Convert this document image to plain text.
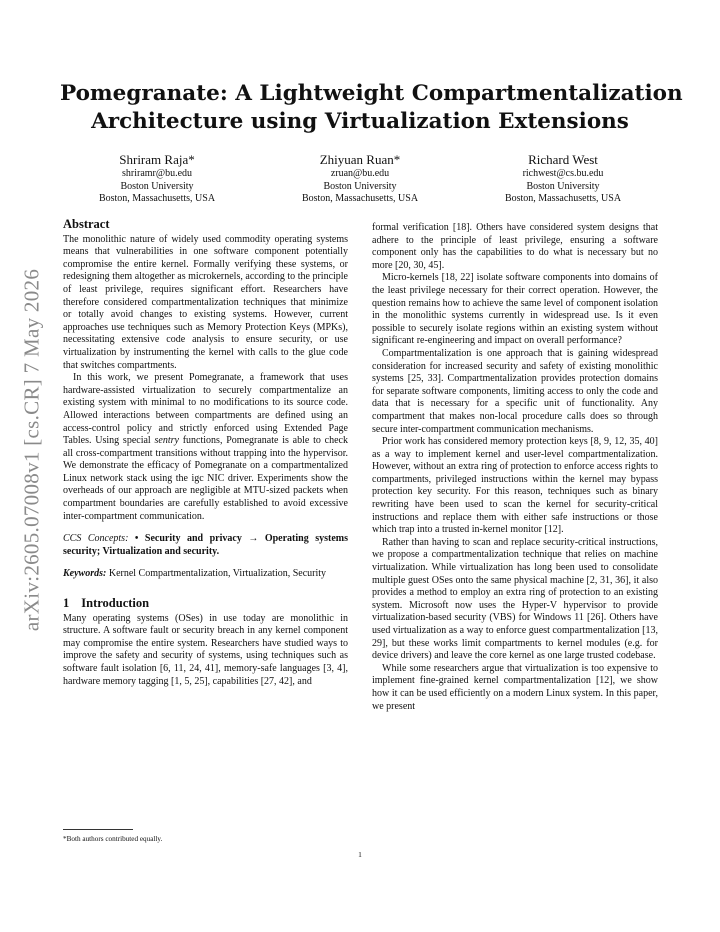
arXiv:2605.07008v1 [cs.CR] 7 May 2026
Pomegranate: A Lightweight Compartmentalization
Architecture using Virtualization Extensions
Shriram Raja*
shriramr@bu.edu
Boston University
Boston, Massachusetts, USA
Zhiyuan Ruan*
zruan@bu.edu
Boston University
Boston, Massachusetts, USA
Richard West
richwest@cs.bu.edu
Boston University
Boston, Massachusetts, USA
Abstract

The monolithic nature of widely used commodity operating systems means that vulnerabilities in one software component potentially compromise the entire kernel. Formally verifying these systems, or redesigning them altogether as microkernels, according to the principle of least privilege, requires significant effort. Researchers have therefore considered compartmentalization techniques that minimize or totally avoid changes to existing systems. However, current approaches use techniques such as Memory Protection Keys (MPKs), necessitating extensive code analysis to ensure security, or use virtualization by instrumenting the kernel with calls to the glue code that switches compartments.

In this work, we present Pomegranate, a framework that uses hardware-assisted virtualization to securely compartmentalize an existing system with minimal to no modifications to its source code. Allowed interactions between compartments are defined using an access-control policy and strictly enforced using Extended Page Tables. Using special sentry functions, Pomegranate is able to check all cross-compartment transitions without trapping into the hypervisor. We demonstrate the efficacy of Pomegranate on a compartmentalized Linux network stack using the igc NIC driver. Experiments show the overheads of our approach are negligible at MTU-sized packets when compartment boundaries are carefully established to avoid excessive inter-compartment communication.

CCS Concepts: • Security and privacy → Operating systems security; Virtualization and security.

Keywords: Kernel Compartmentalization, Virtualization, Security

1 Introduction

Many operating systems (OSes) in use today are monolithic in structure. A software fault or security breach in any kernel component may compromise the entire system. Researchers have studied ways to improve the safety and security of systems, using techniques such as software fault isolation [6, 11, 24, 41], memory-safe languages [3, 4], hardware memory tagging [1, 5, 25], capabilities [27, 42], and

formal verification [18]. Others have considered system designs that adhere to the principle of least privilege, ensuring a software component only has the capabilities to do what is necessary but no more [20, 30, 45].

Micro-kernels [18, 22] isolate software components into domains of the least privilege necessary for their correct operation. However, the question remains how to achieve the same level of component isolation in the monolithic systems currently in widespread use. Is it even possible to securely isolate regions within an existing system without significant re-engineering and impact on overall performance?

Compartmentalization is one approach that is gaining widespread consideration for increased security and safety of existing monolithic systems [25, 33]. Compartmentalization provides protection domains for separate software components, limiting access to only the code and data that is necessary for a specific unit of functionality. Any compartment that makes non-local procedure calls does so through secure inter-compartment communication mechanisms.

Prior work has considered memory protection keys [8, 9, 12, 35, 40] as a way to implement kernel and user-level compartmentalization. However, without an extra ring of protection to enforce access rights to compartments, privileged instructions within the kernel may bypass protection key security. For this reason, techniques such as binary rewriting have been used to scan the kernel for security-critical instructions and replace them with either safe instructions or those which trap into a trusted in-kernel monitor [12].

Rather than having to scan and replace security-critical instructions, we propose a compartmentalization technique that relies on machine virtualization. While virtualization has long been used to consolidate multiple guest OSes onto the same physical machine [2, 31, 36], it also provides a method to employ an extra ring of protection to an existing system. Microsoft now uses the Hyper-V hypervisor to provide virtualization-based security (VBS) for Windows 11 [26]. Others have used virtualization as a way to enforce guest compartmentalization [13, 29], but these works limit compartments to kernel modules (e.g. for device drivers) and leave the core kernel as one large trusted codebase.

While some researchers argue that virtualization is too expensive to implement fine-grained kernel compartmentalization [12], we show how it can be used efficiently on a modern Linux system. In this paper, we present

*Both authors contributed equally.
1
